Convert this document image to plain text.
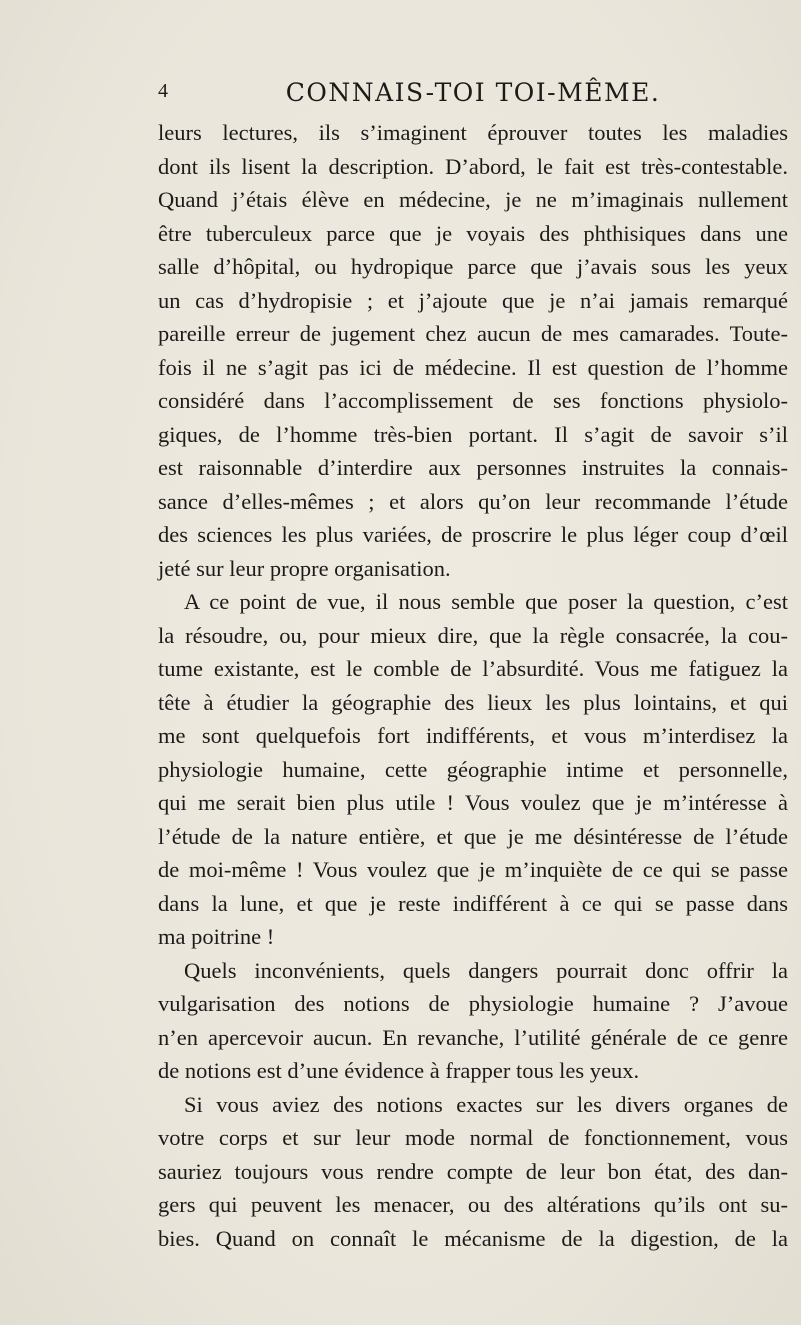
4	CONNAIS-TOI TOI-MÊME.
leurs lectures, ils s’imaginent éprouver toutes les maladies
dont ils lisent la description. D’abord, le fait est très-contestable.
Quand j’étais élève en médecine, je ne m’imaginais nullement
être tuberculeux parce que je voyais des phthisiques dans une
salle d’hôpital, ou hydropique parce que j’avais sous les yeux
un cas d’hydropisie ; et j’ajoute que je n’ai jamais remarqué
pareille erreur de jugement chez aucun de mes camarades. Toute-
fois il ne s’agit pas ici de médecine. Il est question de l’homme
considéré dans l’accomplissement de ses fonctions physiolo-
giques, de l’homme très-bien portant. Il s’agit de savoir s’il
est raisonnable d’interdire aux personnes instruites la connais-
sance d’elles-mêmes ; et alors qu’on leur recommande l’étude
des sciences les plus variées, de proscrire le plus léger coup d’œil
jeté sur leur propre organisation.
A ce point de vue, il nous semble que poser la question, c’est
la résoudre, ou, pour mieux dire, que la règle consacrée, la cou-
tume existante, est le comble de l’absurdité. Vous me fatiguez la
tête à étudier la géographie des lieux les plus lointains, et qui
me sont quelquefois fort indifférents, et vous m’interdisez la
physiologie humaine, cette géographie intime et personnelle,
qui me serait bien plus utile ! Vous voulez que je m’intéresse à
l’étude de la nature entière, et que je me désintéresse de l’étude
de moi-même ! Vous voulez que je m’inquiète de ce qui se passe
dans la lune, et que je reste indifférent à ce qui se passe dans
ma poitrine !
Quels inconvénients, quels dangers pourrait donc offrir la
vulgarisation des notions de physiologie humaine ? J’avoue
n’en apercevoir aucun. En revanche, l’utilité générale de ce genre
de notions est d’une évidence à frapper tous les yeux.
Si vous aviez des notions exactes sur les divers organes de
votre corps et sur leur mode normal de fonctionnement, vous
sauriez toujours vous rendre compte de leur bon état, des dan-
gers qui peuvent les menacer, ou des altérations qu’ils ont su-
bies. Quand on connaît le mécanisme de la digestion, de la
